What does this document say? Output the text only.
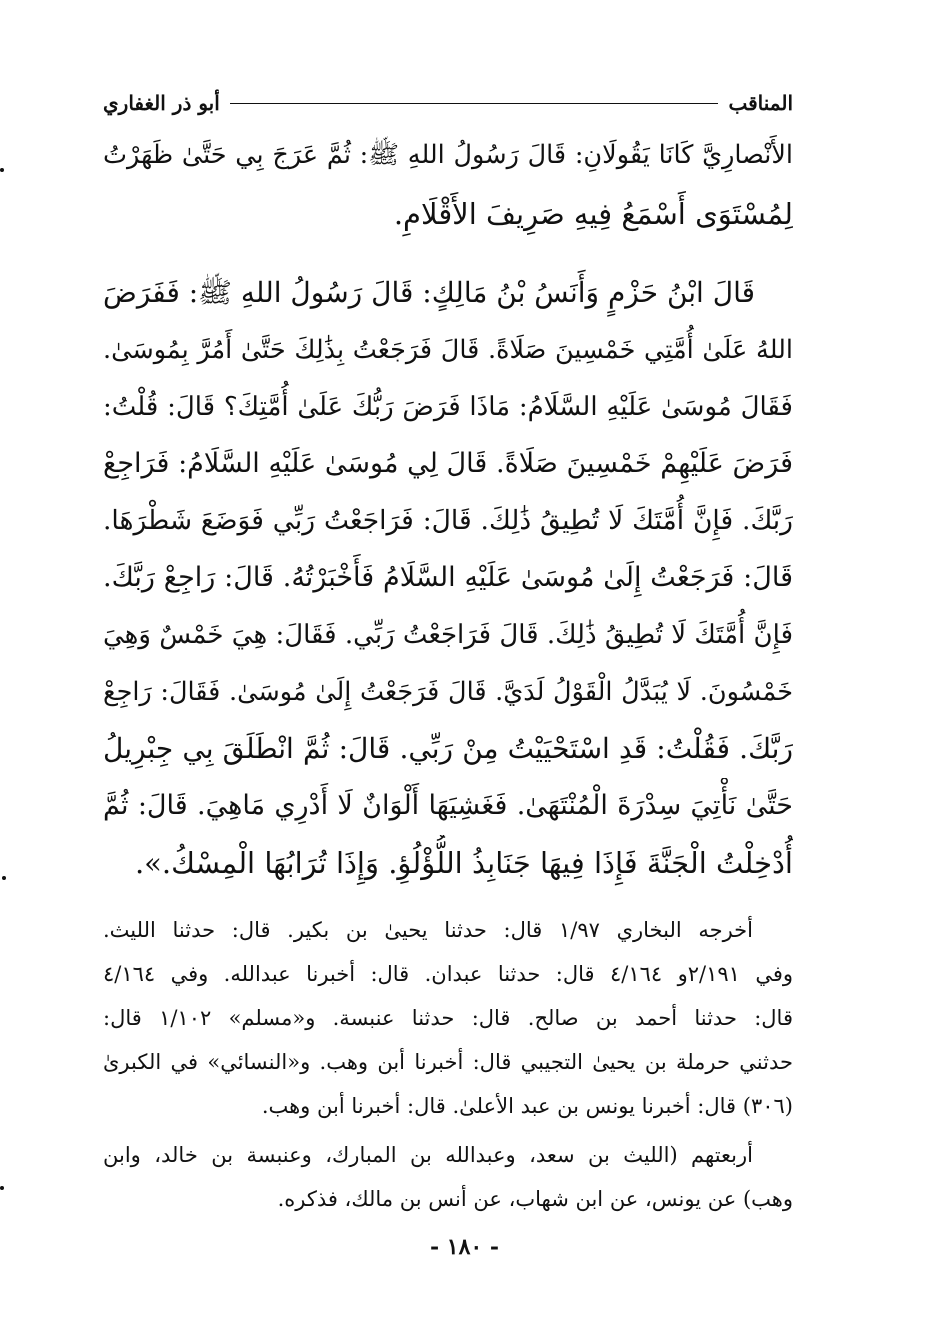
المناقب
أبو ذر الغفاري
الأَنْصارِيَّ كَانَا يَقُولَانِ: قَالَ رَسُولُ اللهِ ﷺ: ثُمَّ عَرَجَ بِي حَتَّىٰ ظَهَرْتُ
لِمُسْتَوَى أَسْمَعُ فِيهِ صَرِيفَ الأَقْلَامِ.
قَالَ ابْنُ حَزْمٍ وَأَنَسُ بْنُ مَالِكٍ: قَالَ رَسُولُ اللهِ ﷺ: فَفَرَضَ
اللهُ عَلَىٰ أُمَّتِي خَمْسِينَ صَلَاةً. قَالَ فَرَجَعْتُ بِذَٰلِكَ حَتَّىٰ أَمُرَّ بِمُوسَىٰ.
فَقَالَ مُوسَىٰ عَلَيْهِ السَّلَامُ: مَاذَا فَرَضَ رَبُّكَ عَلَىٰ أُمَّتِكَ؟ قَالَ: قُلْتُ:
فَرَضَ عَلَيْهِمْ خَمْسِينَ صَلَاةً. قَالَ لِي مُوسَىٰ عَلَيْهِ السَّلَامُ: فَرَاجِعْ
رَبَّكَ. فَإِنَّ أُمَّتَكَ لَا تُطِيقُ ذَٰلِكَ. قَالَ: فَرَاجَعْتُ رَبِّي فَوَضَعَ شَطْرَهَا.
قَالَ: فَرَجَعْتُ إِلَىٰ مُوسَىٰ عَلَيْهِ السَّلَامُ فَأَخْبَرْتُهُ. قَالَ: رَاجِعْ رَبَّكَ.
فَإِنَّ أُمَّتَكَ لَا تُطِيقُ ذَٰلِكَ. قَالَ فَرَاجَعْتُ رَبِّي. فَقَالَ: هِيَ خَمْسٌ وَهِيَ
خَمْسُونَ. لَا يُبَدَّلُ الْقَوْلُ لَدَيَّ. قَالَ فَرَجَعْتُ إِلَىٰ مُوسَىٰ. فَقَالَ: رَاجِعْ
رَبَّكَ. فَقُلْتُ: قَدِ اسْتَحْيَيْتُ مِنْ رَبِّي. قَالَ: ثُمَّ انْطَلَقَ بِي جِبْرِيلُ
حَتَّىٰ نَأْتِيَ سِدْرَةَ الْمُنْتَهَىٰ. فَغَشِيَهَا أَلْوَانٌ لَا أَدْرِي مَاهِيَ. قَالَ: ثُمَّ
أُدْخِلْتُ الْجَنَّةَ فَإِذَا فِيهَا جَنَابِذُ اللُّؤْلُؤِ. وَإِذَا تُرَابُهَا الْمِسْكُ.».
أخرجه البخاري ١/٩٧ قال: حدثنا يحيىٰ بن بكير. قال: حدثنا الليث.
وفي ٢/١٩١و ٤/١٦٤ قال: حدثنا عبدان. قال: أخبرنا عبدالله. وفي ٤/١٦٤
قال: حدثنا أحمد بن صالح. قال: حدثنا عنبسة. و«مسلم» ١/١٠٢ قال:
حدثني حرملة بن يحيىٰ التجيبي قال: أخبرنا أبن وهب. و«النسائي» في الكبرىٰ
(٣٠٦) قال: أخبرنا يونس بن عبد الأعلىٰ. قال: أخبرنا أبن وهب.
أربعتهم (الليث بن سعد، وعبدالله بن المبارك، وعنبسة بن خالد، وابن
وهب) عن يونس، عن ابن شهاب، عن أنس بن مالك، فذكره.
- ١٨٠ -
